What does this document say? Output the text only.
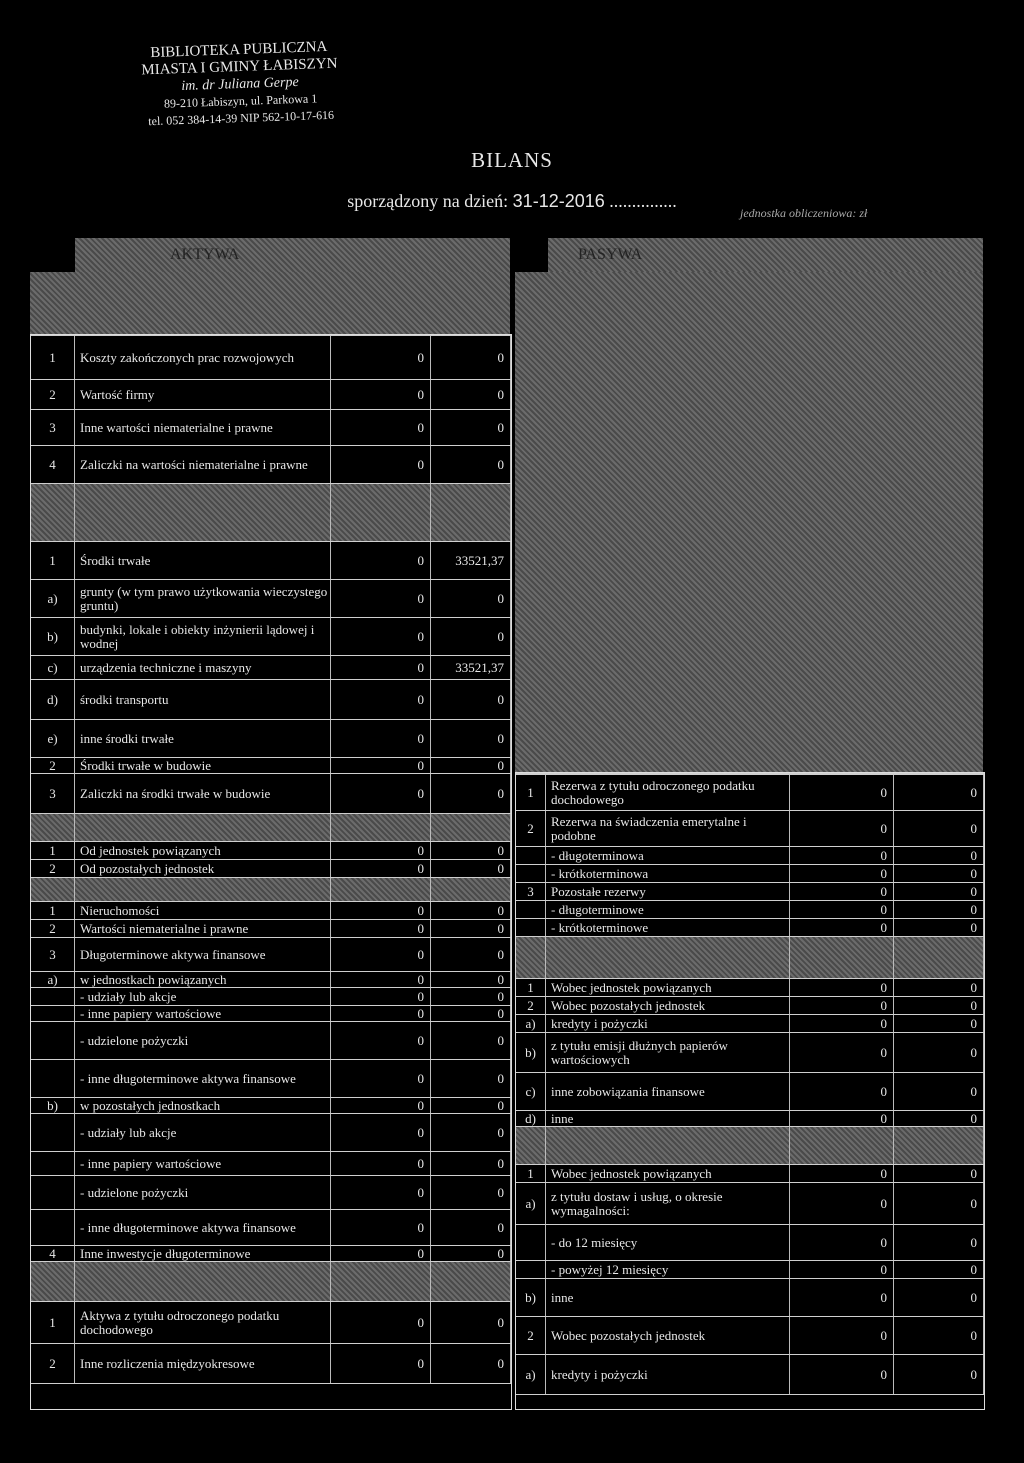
BIBLIOTEKA PUBLICZNA
MIASTA I GMINY ŁABISZYN
im. dr Juliana Gerpe
89-210 Łabiszyn, ul. Parkowa 1
tel. 052 384-14-39 NIP 562-10-17-616
BILANS
sporządzony na dzień: 31-12-2016 ...............
jednostka obliczeniowa: zł
AKTYWA	PASYWA
1	Koszty zakończonych prac rozwojowych	0	0
2	Wartość firmy	0	0
3	Inne wartości niematerialne i prawne	0	0
4	Zaliczki na wartości niematerialne i prawne	0	0
1	Środki trwałe	0	33521,37
a)	grunty (w tym prawo użytkowania wieczystego gruntu)	0	0
b)	budynki, lokale i obiekty inżynierii lądowej i wodnej	0	0
c)	urządzenia techniczne i maszyny	0	33521,37
d)	środki transportu	0	0
e)	inne środki trwałe	0	0
2	Środki trwałe w budowie	0	0
3	Zaliczki na środki trwałe w budowie	0	0
1	Od jednostek powiązanych	0	0
2	Od pozostałych jednostek	0	0
1	Nieruchomości	0	0
2	Wartości niematerialne i prawne	0	0
3	Długoterminowe aktywa finansowe	0	0
a)	w jednostkach powiązanych	0	0
- udziały lub akcje	0	0
- inne papiery wartościowe	0	0
- udzielone pożyczki	0	0
- inne długoterminowe aktywa finansowe	0	0
b)	w pozostałych jednostkach	0	0
- udziały lub akcje	0	0
- inne papiery wartościowe	0	0
- udzielone pożyczki	0	0
- inne długoterminowe aktywa finansowe	0	0
4	Inne inwestycje długoterminowe	0	0
1	Aktywa z tytułu odroczonego podatku dochodowego	0	0
2	Inne rozliczenia międzyokresowe	0	0
1	Rezerwa z tytułu odroczonego podatku dochodowego	0	0
2	Rezerwa na świadczenia emerytalne i podobne	0	0
- długoterminowa	0	0
- krótkoterminowa	0	0
3	Pozostałe rezerwy	0	0
- długoterminowe	0	0
- krótkoterminowe	0	0
1	Wobec jednostek powiązanych	0	0
2	Wobec pozostałych jednostek	0	0
a)	kredyty i pożyczki	0	0
b)	z tytułu emisji dłużnych papierów wartościowych	0	0
c)	inne zobowiązania finansowe	0	0
d)	inne	0	0
1	Wobec jednostek powiązanych	0	0
a)	z tytułu dostaw i usług, o okresie wymagalności:	0	0
- do 12 miesięcy	0	0
- powyżej 12 miesięcy	0	0
b)	inne	0	0
2	Wobec pozostałych jednostek	0	0
a)	kredyty i pożyczki	0	0
